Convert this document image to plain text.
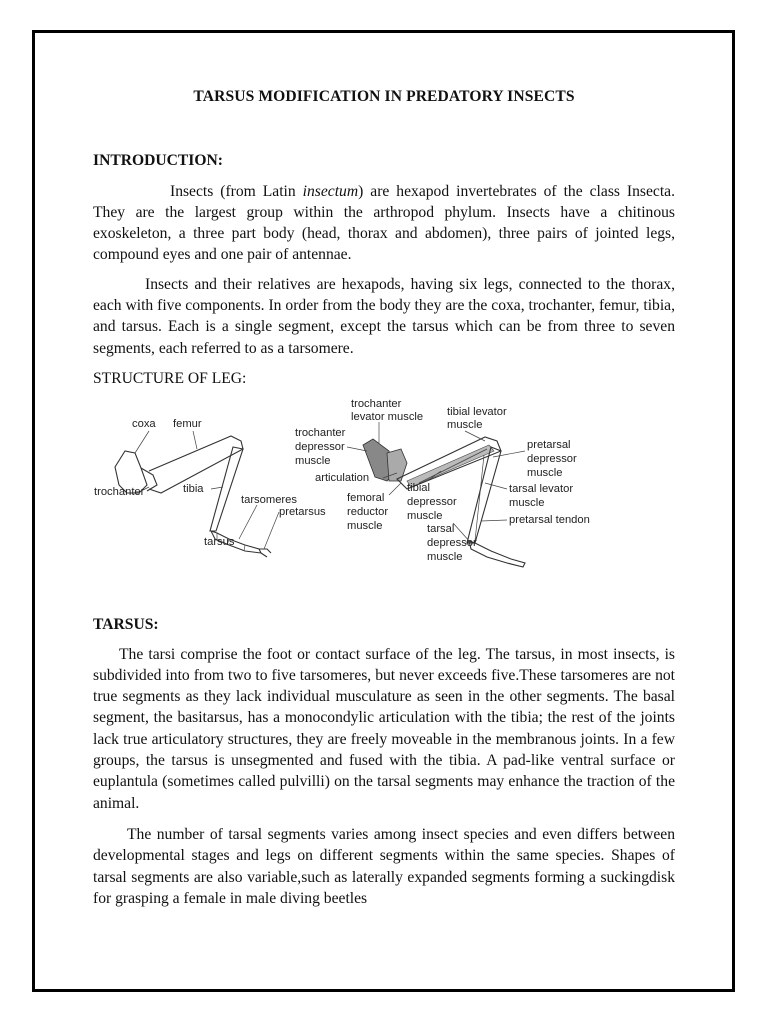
TARSUS MODIFICATION IN PREDATORY INSECTS

INTRODUCTION:

Insects (from Latin insectum) are hexapod invertebrates of the class Insecta. They are the largest group within the arthropod phylum. Insects have a chitinous exoskeleton, a three part body (head, thorax and abdomen), three pairs of jointed legs, compound eyes and one pair of antennae.

Insects and their relatives are hexapods, having six legs, connected to the thorax, each with five components. In order from the body they are the coxa, trochanter, femur, tibia, and tarsus. Each is a single segment, except the tarsus which can be from three to seven segments, each referred to as a tarsomere.

STRUCTURE OF LEG:

coxa femur
trochanter	tibia
tarsomeres
pretarsus
tarsus
trochanter
levator muscle tibial levator
muscle
trochanter
depressor
muscle
pretarsal
depressor
muscle
articulation
femoral
reductor
muscle
tibial
depressor
muscle
tarsal levator
muscle
pretarsal tendon
tarsal
depressor
muscle

TARSUS:

The tarsi comprise the foot or contact surface of the leg. The tarsus, in most insects, is subdivided into from two to five tarsomeres, but never exceeds five.These tarsomeres are not true segments as they lack individual musculature as seen in the other segments. The basal segment, the basitarsus, has a monocondylic articulation with the tibia; the rest of the joints lack true articulatory structures, they are freely moveable in the membranous joints. In a few groups, the tarsus is unsegmented and fused with the tibia. A pad-like ventral surface or euplantula (sometimes called pulvilli) on the tarsal segments may enhance the traction of the animal.

The number of tarsal segments varies among insect species and even differs between developmental stages and legs on different segments within the same species. Shapes of tarsal segments are also variable,such as laterally expanded segments forming a suckingdisk for grasping a female in male diving beetles
